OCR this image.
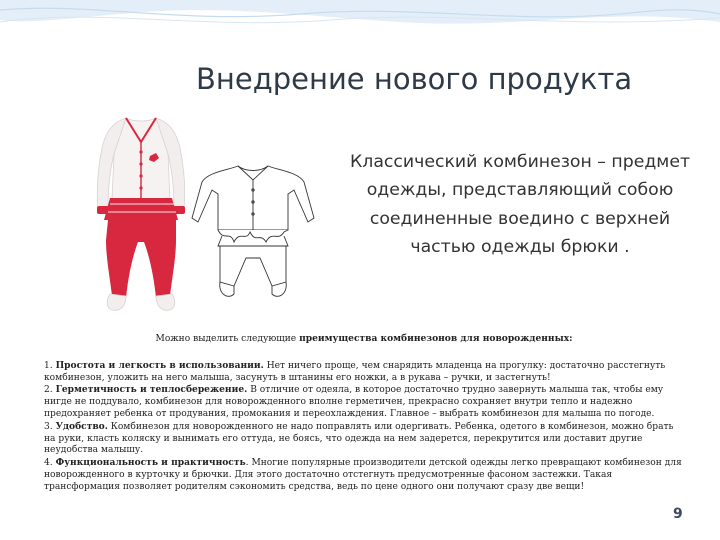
Внедрение нового продукта
Классический комбинезон – предмет одежды, представляющий собою соединенные воедино с верхней частью одежды брюки .

Можно выделить следующие преимущества комбинезонов для новорожденных:

1. Простота и легкость в использовании. Нет ничего проще, чем снарядить младенца на прогулку: достаточно расстегнуть комбинезон, уложить на него малыша, засунуть в штанины его ножки, а в рукава – ручки, и застегнуть!

2. Герметичность и теплосбережение. В отличие от одеяла, в которое достаточно трудно завернуть малыша так, чтобы ему нигде не поддувало, комбинезон для новорожденного вполне герметичен, прекрасно сохраняет внутри тепло и надежно предохраняет ребенка от продувания, промокания и переохлаждения. Главное – выбрать комбинезон для малыша по погоде.

3. Удобство. Комбинезон для новорожденного не надо поправлять или одергивать. Ребенка, одетого в комбинезон, можно брать на руки, класть коляску и вынимать его оттуда, не боясь, что одежда на нем задерется, перекрутится или доставит другие неудобства малышу.

4. Функциональность и практичность. Многие популярные производители детской одежды легко превращают комбинезон для новорожденного в курточку и брючки. Для этого достаточно отстегнуть предусмотренные фасоном застежки. Такая трансформация позволяет родителям сэкономить средства, ведь по цене одного они получают сразу две вещи!

9
